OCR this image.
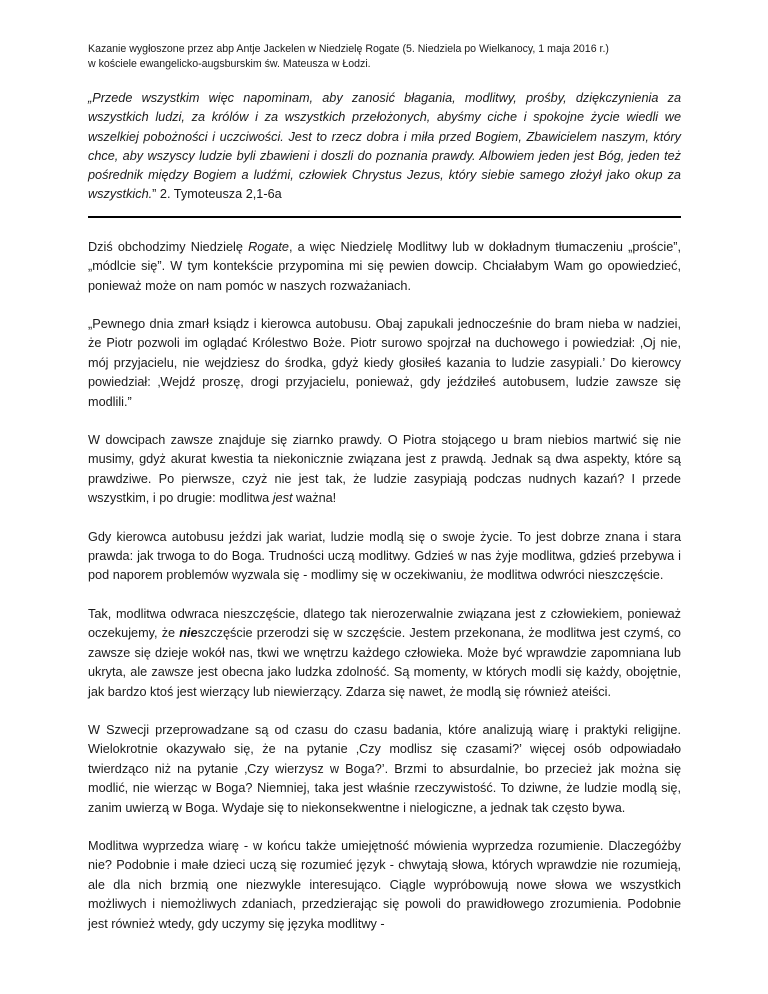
Kazanie wygłoszone przez abp Antje Jackelen w Niedzielę Rogate (5. Niedziela po Wielkanocy, 1 maja 2016 r.)
w kościele ewangelicko-augsburskim św. Mateusza w Łodzi.
„Przede wszystkim więc napominam, aby zanosić błagania, modlitwy, prośby, dziękczynienia za wszystkich ludzi, za królów i za wszystkich przełożonych, abyśmy ciche i spokojne życie wiedli we wszelkiej pobożności i uczciwości. Jest to rzecz dobra i miła przed Bogiem, Zbawicielem naszym, który chce, aby wszyscy ludzie byli zbawieni i doszli do poznania prawdy. Albowiem jeden jest Bóg, jeden też pośrednik między Bogiem a ludźmi, człowiek Chrystus Jezus, który siebie samego złożył jako okup za wszystkich.” 2. Tymoteusza 2,1-6a

Dziś obchodzimy Niedzielę Rogate, a więc Niedzielę Modlitwy lub w dokładnym tłumaczeniu „proście”, „módlcie się”. W tym kontekście przypomina mi się pewien dowcip. Chciałabym Wam go opowiedzieć, ponieważ może on nam pomóc w naszych rozważaniach.

„Pewnego dnia zmarł ksiądz i kierowca autobusu. Obaj zapukali jednocześnie do bram nieba w nadziei, że Piotr pozwoli im oglądać Królestwo Boże. Piotr surowo spojrzał na duchowego i powiedział: ‚Oj nie, mój przyjacielu, nie wejdziesz do środka, gdyż kiedy głosiłeś kazania to ludzie zasypiali.’ Do kierowcy powiedział: ‚Wejdź proszę, drogi przyjacielu, ponieważ, gdy jeździłeś autobusem, ludzie zawsze się modlili.”

W dowcipach zawsze znajduje się ziarnko prawdy. O Piotra stojącego u bram niebios martwić się nie musimy, gdyż akurat kwestia ta niekonicznie związana jest z prawdą. Jednak są dwa aspekty, które są prawdziwe. Po pierwsze, czyż nie jest tak, że ludzie zasypiają podczas nudnych kazań? I przede wszystkim, i po drugie: modlitwa jest ważna!

Gdy kierowca autobusu jeździ jak wariat, ludzie modlą się o swoje życie. To jest dobrze znana i stara prawda: jak trwoga to do Boga. Trudności uczą modlitwy. Gdzieś w nas żyje modlitwa, gdzieś przebywa i pod naporem problemów wyzwala się - modlimy się w oczekiwaniu, że modlitwa odwróci nieszczęście.

Tak, modlitwa odwraca nieszczęście, dlatego tak nierozerwalnie związana jest z człowiekiem, ponieważ oczekujemy, że nieszczęście przerodzi się w szczęście. Jestem przekonana, że modlitwa jest czymś, co zawsze się dzieje wokół nas, tkwi we wnętrzu każdego człowieka. Może być wprawdzie zapomniana lub ukryta, ale zawsze jest obecna jako ludzka zdolność. Są momenty, w których modli się każdy, obojętnie, jak bardzo ktoś jest wierzący lub niewierzący. Zdarza się nawet, że modlą się również ateiści.

W Szwecji przeprowadzane są od czasu do czasu badania, które analizują wiarę i praktyki religijne. Wielokrotnie okazywało się, że na pytanie ‚Czy modlisz się czasami?’ więcej osób odpowiadało twierdząco niż na pytanie ‚Czy wierzysz w Boga?’. Brzmi to absurdalnie, bo przecież jak można się modlić, nie wierząc w Boga? Niemniej, taka jest właśnie rzeczywistość. To dziwne, że ludzie modlą się, zanim uwierzą w Boga. Wydaje się to niekonsekwentne i nielogiczne, a jednak tak często bywa.

Modlitwa wyprzedza wiarę - w końcu także umiejętność mówienia wyprzedza rozumienie. Dlaczegóżby nie? Podobnie i małe dzieci uczą się rozumieć język - chwytają słowa, których wprawdzie nie rozumieją, ale dla nich brzmią one niezwykle interesująco. Ciągle wypróbowują nowe słowa we wszystkich możliwych i niemożliwych zdaniach, przedzierając się powoli do prawidłowego zrozumienia. Podobnie jest również wtedy, gdy uczymy się języka modlitwy -
